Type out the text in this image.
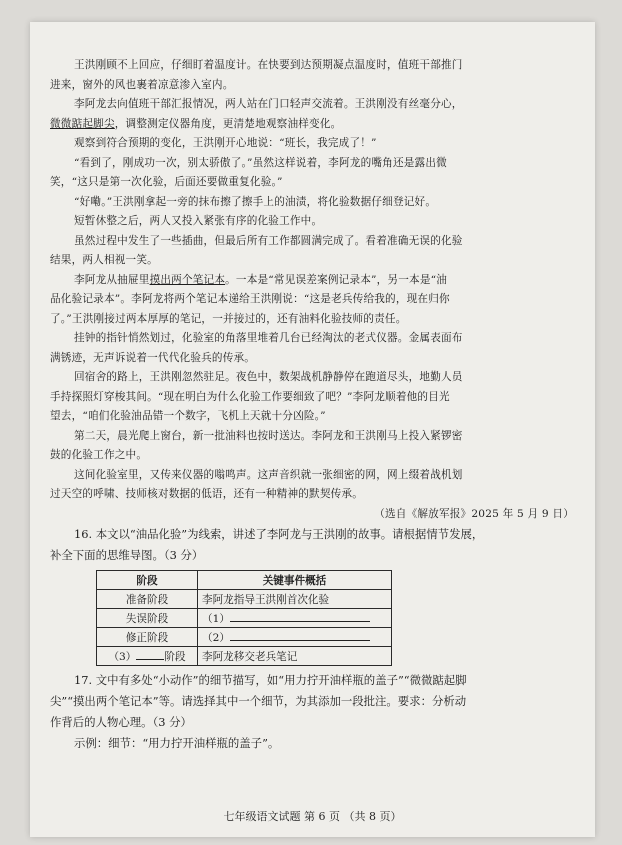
王洪刚顾不上回应，仔细盯着温度计。在快要到达预期凝点温度时，值班干部推门
进来，窗外的风也裹着凉意渗入室内。
李阿龙去向值班干部汇报情况，两人站在门口轻声交流着。王洪刚没有丝毫分心，
微微踮起脚尖，调整测定仪器角度，更清楚地观察油样变化。
观察到符合预期的变化，王洪刚开心地说：“班长，我完成了！”
“看到了，刚成功一次，别太骄傲了。”虽然这样说着，李阿龙的嘴角还是露出微
笑，“这只是第一次化验，后面还要做重复化验。”
“好嘞。”王洪刚拿起一旁的抹布擦了擦手上的油渍，将化验数据仔细登记好。
短暂休整之后，两人又投入紧张有序的化验工作中。
虽然过程中发生了一些插曲，但最后所有工作都圆满完成了。看着准确无误的化验
结果，两人相视一笑。
李阿龙从抽屉里摸出两个笔记本。一本是“常见误差案例记录本”，另一本是“油
品化验记录本”。李阿龙将两个笔记本递给王洪刚说：“这是老兵传给我的，现在归你
了。”王洪刚接过两本厚厚的笔记，一并接过的，还有油料化验技师的责任。
挂钟的指针悄然划过，化验室的角落里堆着几台已经淘汰的老式仪器。金属表面布
满锈迹，无声诉说着一代代化验兵的传承。
回宿舍的路上，王洪刚忽然驻足。夜色中，数架战机静静停在跑道尽头，地勤人员
手持探照灯穿梭其间。“现在明白为什么化验工作要细致了吧？”李阿龙顺着他的目光
望去，“咱们化验油品错一个数字，飞机上天就十分凶险。”
第二天，晨光爬上窗台，新一批油料也按时送达。李阿龙和王洪刚马上投入紧锣密
鼓的化验工作之中。
这间化验室里，又传来仪器的嗡鸣声。这声音织就一张细密的网，网上缀着战机划
过天空的呼啸、技师核对数据的低语，还有一种精神的默契传承。
（选自《解放军报》2025 年 5 月 9 日）
16. 本文以“油品化验”为线索，讲述了李阿龙与王洪刚的故事。请根据情节发展，
补全下面的思维导图。（3 分）
阶段	关键事件概括
准备阶段	李阿龙指导王洪刚首次化验
失误阶段	（1）
修正阶段	（2）
（3） 阶段	李阿龙移交老兵笔记
17. 文中有多处“小动作”的细节描写，如“用力拧开油样瓶的盖子”“微微踮起脚
尖”“摸出两个笔记本”等。请选择其中一个细节，为其添加一段批注。要求：分析动
作背后的人物心理。（3 分）
示例：细节：“用力拧开油样瓶的盖子”。
七年级语文试题 第 6 页 （共 8 页）
